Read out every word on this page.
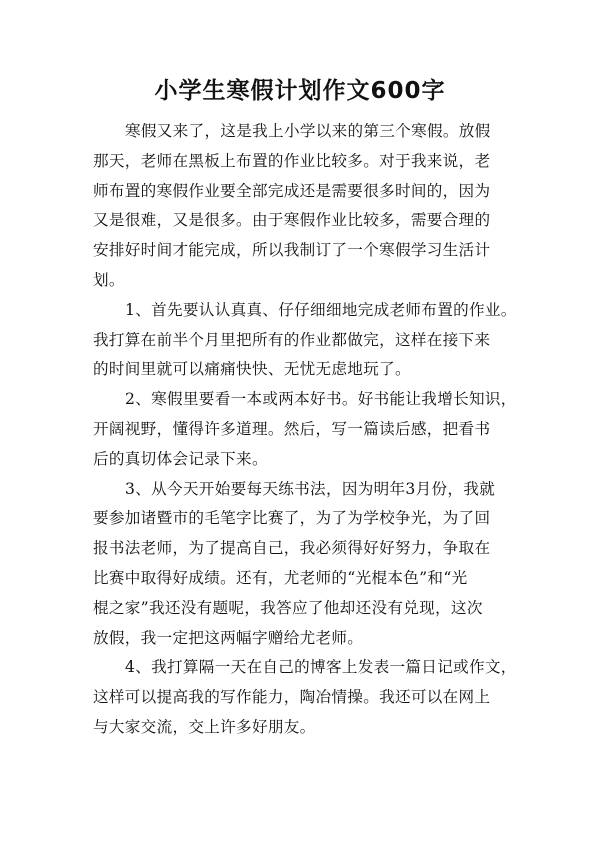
小学生寒假计划作文600字
寒假又来了，这是我上小学以来的第三个寒假。放假
那天，老师在黑板上布置的作业比较多。对于我来说，老
师布置的寒假作业要全部完成还是需要很多时间的，因为
又是很难，又是很多。由于寒假作业比较多，需要合理的
安排好时间才能完成，所以我制订了一个寒假学习生活计
划。
1、首先要认认真真、仔仔细细地完成老师布置的作业。
我打算在前半个月里把所有的作业都做完，这样在接下来
的时间里就可以痛痛快快、无忧无虑地玩了。
2、寒假里要看一本或两本好书。好书能让我增长知识，
开阔视野，懂得许多道理。然后，写一篇读后感，把看书
后的真切体会记录下来。
3、从今天开始要每天练书法，因为明年3月份，我就
要参加诸暨市的毛笔字比赛了，为了为学校争光，为了回
报书法老师，为了提高自己，我必须得好好努力，争取在
比赛中取得好成绩。还有，尤老师的“光棍本色”和“光
棍之家”我还没有题呢，我答应了他却还没有兑现，这次
放假，我一定把这两幅字赠给尤老师。
4、我打算隔一天在自己的博客上发表一篇日记或作文，
这样可以提高我的写作能力，陶冶情操。我还可以在网上
与大家交流，交上许多好朋友。
